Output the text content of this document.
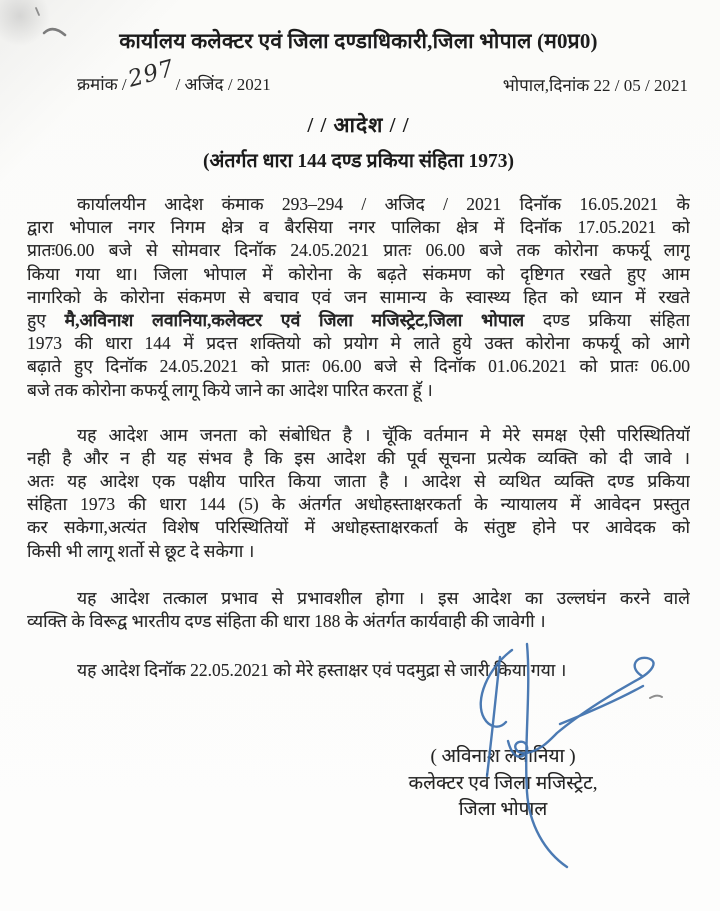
कार्यालय कलेक्टर एवं जिला दण्डाधिकारी,जिला भोपाल (म0प्र0)
क्रमांक /297/ अजिंद / 2021	भोपाल,दिनांक 22 / 05 / 2021
/ / आदेश / /
(अंतर्गत धारा 144 दण्ड प्रकिया संहिता 1973)
कार्यालयीन आदेश कंमाक 293–294 / अजिद / 2021 दिनॉक 16.05.2021 के
द्वारा भोपाल नगर निगम क्षेत्र व बैरसिया नगर पालिका क्षेत्र में दिनॉक 17.05.2021 को
प्रातः06.00 बजे से सोमवार दिनॉक 24.05.2021 प्रातः 06.00 बजे तक कोरोना कफर्यू लागू
किया गया था। जिला भोपाल में कोरोना के बढ़ते संकमण को दृष्टिगत रखते हुए आम
नागरिको के कोरोना संकमण से बचाव एवं जन सामान्य के स्वास्थ्य हित को ध्यान में रखते
हुए मै,अविनाश लवानिया,कलेक्टर एवं जिला मजिस्ट्रेट,जिला भोपाल दण्ड प्रकिया संहिता
1973 की धारा 144 में प्रदत्त शक्तियो को प्रयोग मे लाते हुये उक्त कोरोना कफर्यू को आगे
बढ़ाते हुए दिनॉक 24.05.2021 को प्रातः 06.00 बजे से दिनॉक 01.06.2021 को प्रातः 06.00
बजे तक कोरोना कफर्यू लागू किये जाने का आदेश पारित करता हूॅ ।
यह आदेश आम जनता को संबोधित है । चूॅकि वर्तमान मे मेरे समक्ष ऐसी परिस्थितियॉ
नही है और न ही यह संभव है कि इस आदेश की पूर्व सूचना प्रत्येक व्यक्ति को दी जावे ।
अतः यह आदेश एक पक्षीय पारित किया जाता है । आदेश से व्यथित व्यक्ति दण्ड प्रकिया
संहिता 1973 की धारा 144 (5) के अंतर्गत अधोहस्ताक्षरकर्ता के न्यायालय में आवेदन प्रस्तुत
कर सकेगा,अत्यंत विशेष परिस्थितियों में अधोहस्ताक्षरकर्ता के संतुष्ट होने पर आवेदक को
किसी भी लागू शर्तो से छूट दे सकेगा ।
यह आदेश तत्काल प्रभाव से प्रभावशील होगा । इस आदेश का उल्लघंन करने वाले
व्यक्ति के विरूद्व भारतीय दण्ड संहिता की धारा 188 के अंतर्गत कार्यवाही की जावेगी ।
यह आदेश दिनॉक 22.05.2021 को मेरे हस्ताक्षर एवं पदमुद्रा से जारी किया गया ।
( अविनाश लवानिया )
कलेक्टर एवं जिला मजिस्ट्रेट,
जिला भोपाल
